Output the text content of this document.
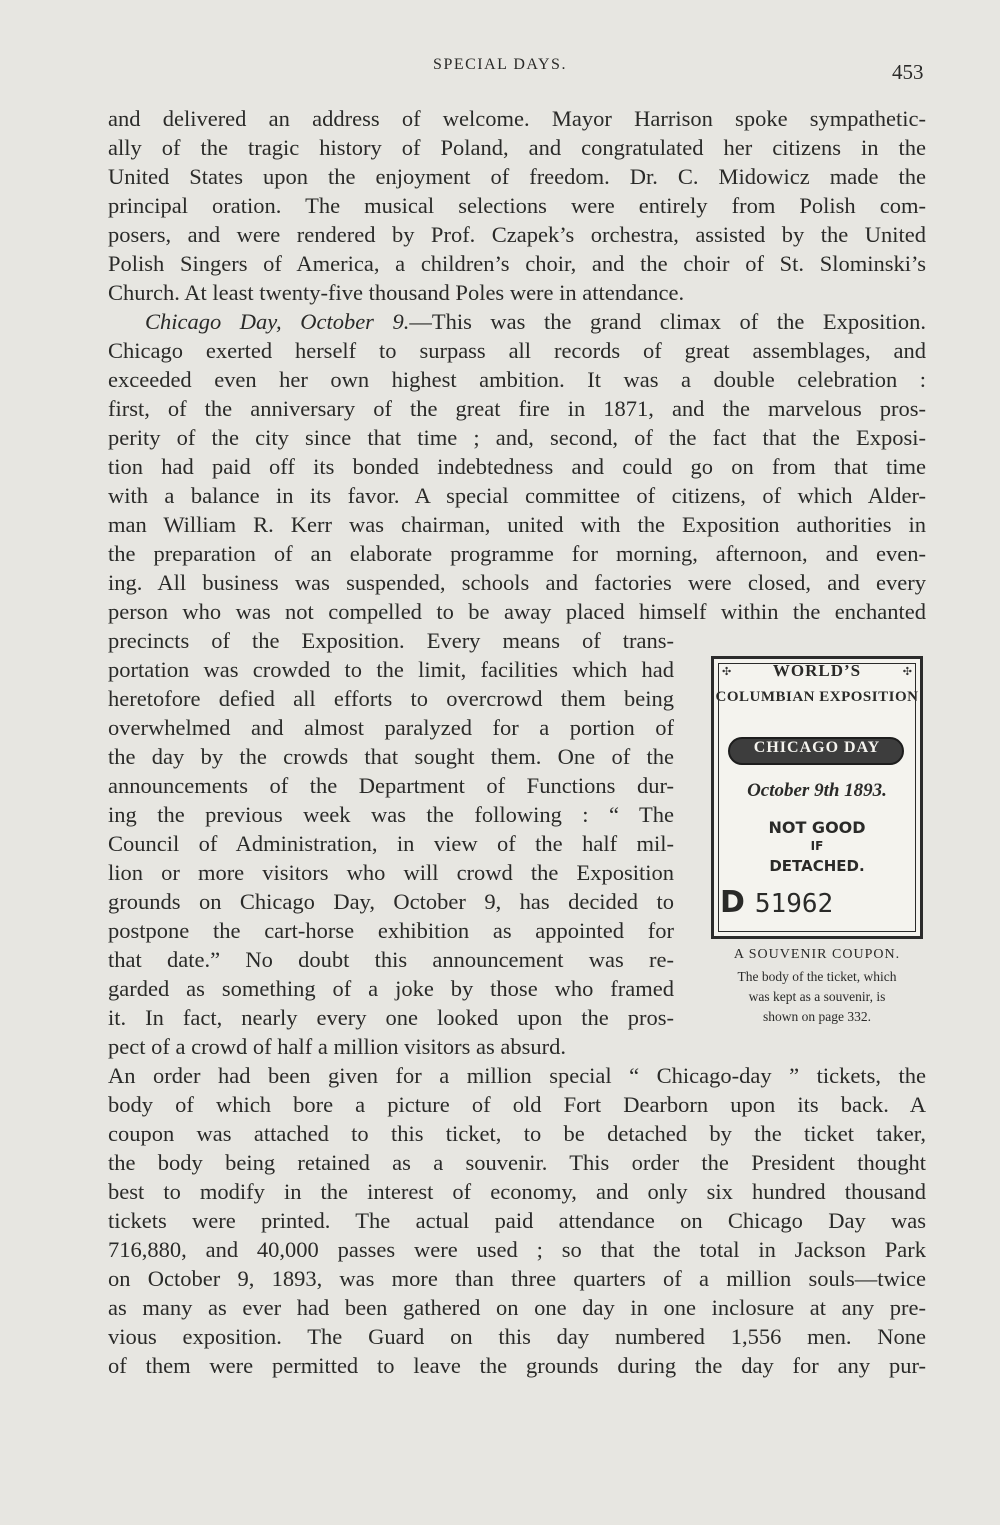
SPECIAL DAYS.	453
and delivered an address of welcome. Mayor Harrison spoke sympathetic-
ally of the tragic history of Poland, and congratulated her citizens in the
United States upon the enjoyment of freedom. Dr. C. Midowicz made the
principal oration. The musical selections were entirely from Polish com-
posers, and were rendered by Prof. Czapek’s orchestra, assisted by the United
Polish Singers of America, a children’s choir, and the choir of St. Slominski’s
Church. At least twenty-five thousand Poles were in attendance.
Chicago Day, October 9.—This was the grand climax of the Exposition.
Chicago exerted herself to surpass all records of great assemblages, and
exceeded even her own highest ambition. It was a double celebration :
first, of the anniversary of the great fire in 1871, and the marvelous pros-
perity of the city since that time ; and, second, of the fact that the Exposi-
tion had paid off its bonded indebtedness and could go on from that time
with a balance in its favor. A special committee of citizens, of which Alder-
man William R. Kerr was chairman, united with the Exposition authorities in
the preparation of an elaborate programme for morning, afternoon, and even-
ing. All business was suspended, schools and factories were closed, and every
person who was not compelled to be away placed himself within the enchanted
precincts of the Exposition. Every means of trans-
portation was crowded to the limit, facilities which had
heretofore defied all efforts to overcrowd them being
overwhelmed and almost paralyzed for a portion of
the day by the crowds that sought them. One of the
announcements of the Department of Functions dur-
ing the previous week was the following : “ The
Council of Administration, in view of the half mil-
lion or more visitors who will crowd the Exposition
grounds on Chicago Day, October 9, has decided to
postpone the cart-horse exhibition as appointed for
that date.” No doubt this announcement was re-
garded as something of a joke by those who framed
it. In fact, nearly every one looked upon the pros-
pect of a crowd of half a million visitors as absurd.
An order had been given for a million special “ Chicago-day ” tickets, the
body of which bore a picture of old Fort Dearborn upon its back. A
coupon was attached to this ticket, to be detached by the ticket taker,
the body being retained as a souvenir. This order the President thought
best to modify in the interest of economy, and only six hundred thousand
tickets were printed. The actual paid attendance on Chicago Day was
716,880, and 40,000 passes were used ; so that the total in Jackson Park
on October 9, 1893, was more than three quarters of a million souls—twice
as many as ever had been gathered on one day in one inclosure at any pre-
vious exposition. The Guard on this day numbered 1,556 men. None
of them were permitted to leave the grounds during the day for any pur-
✣	✣
WORLD’S
COLUMBIAN EXPOSITION
CHICAGO DAY
October 9th 1893.
NOT GOOD
IF
DETACHED.
D 51962
A SOUVENIR COUPON.
The body of the ticket, which
was kept as a souvenir, is
shown on page 332.
